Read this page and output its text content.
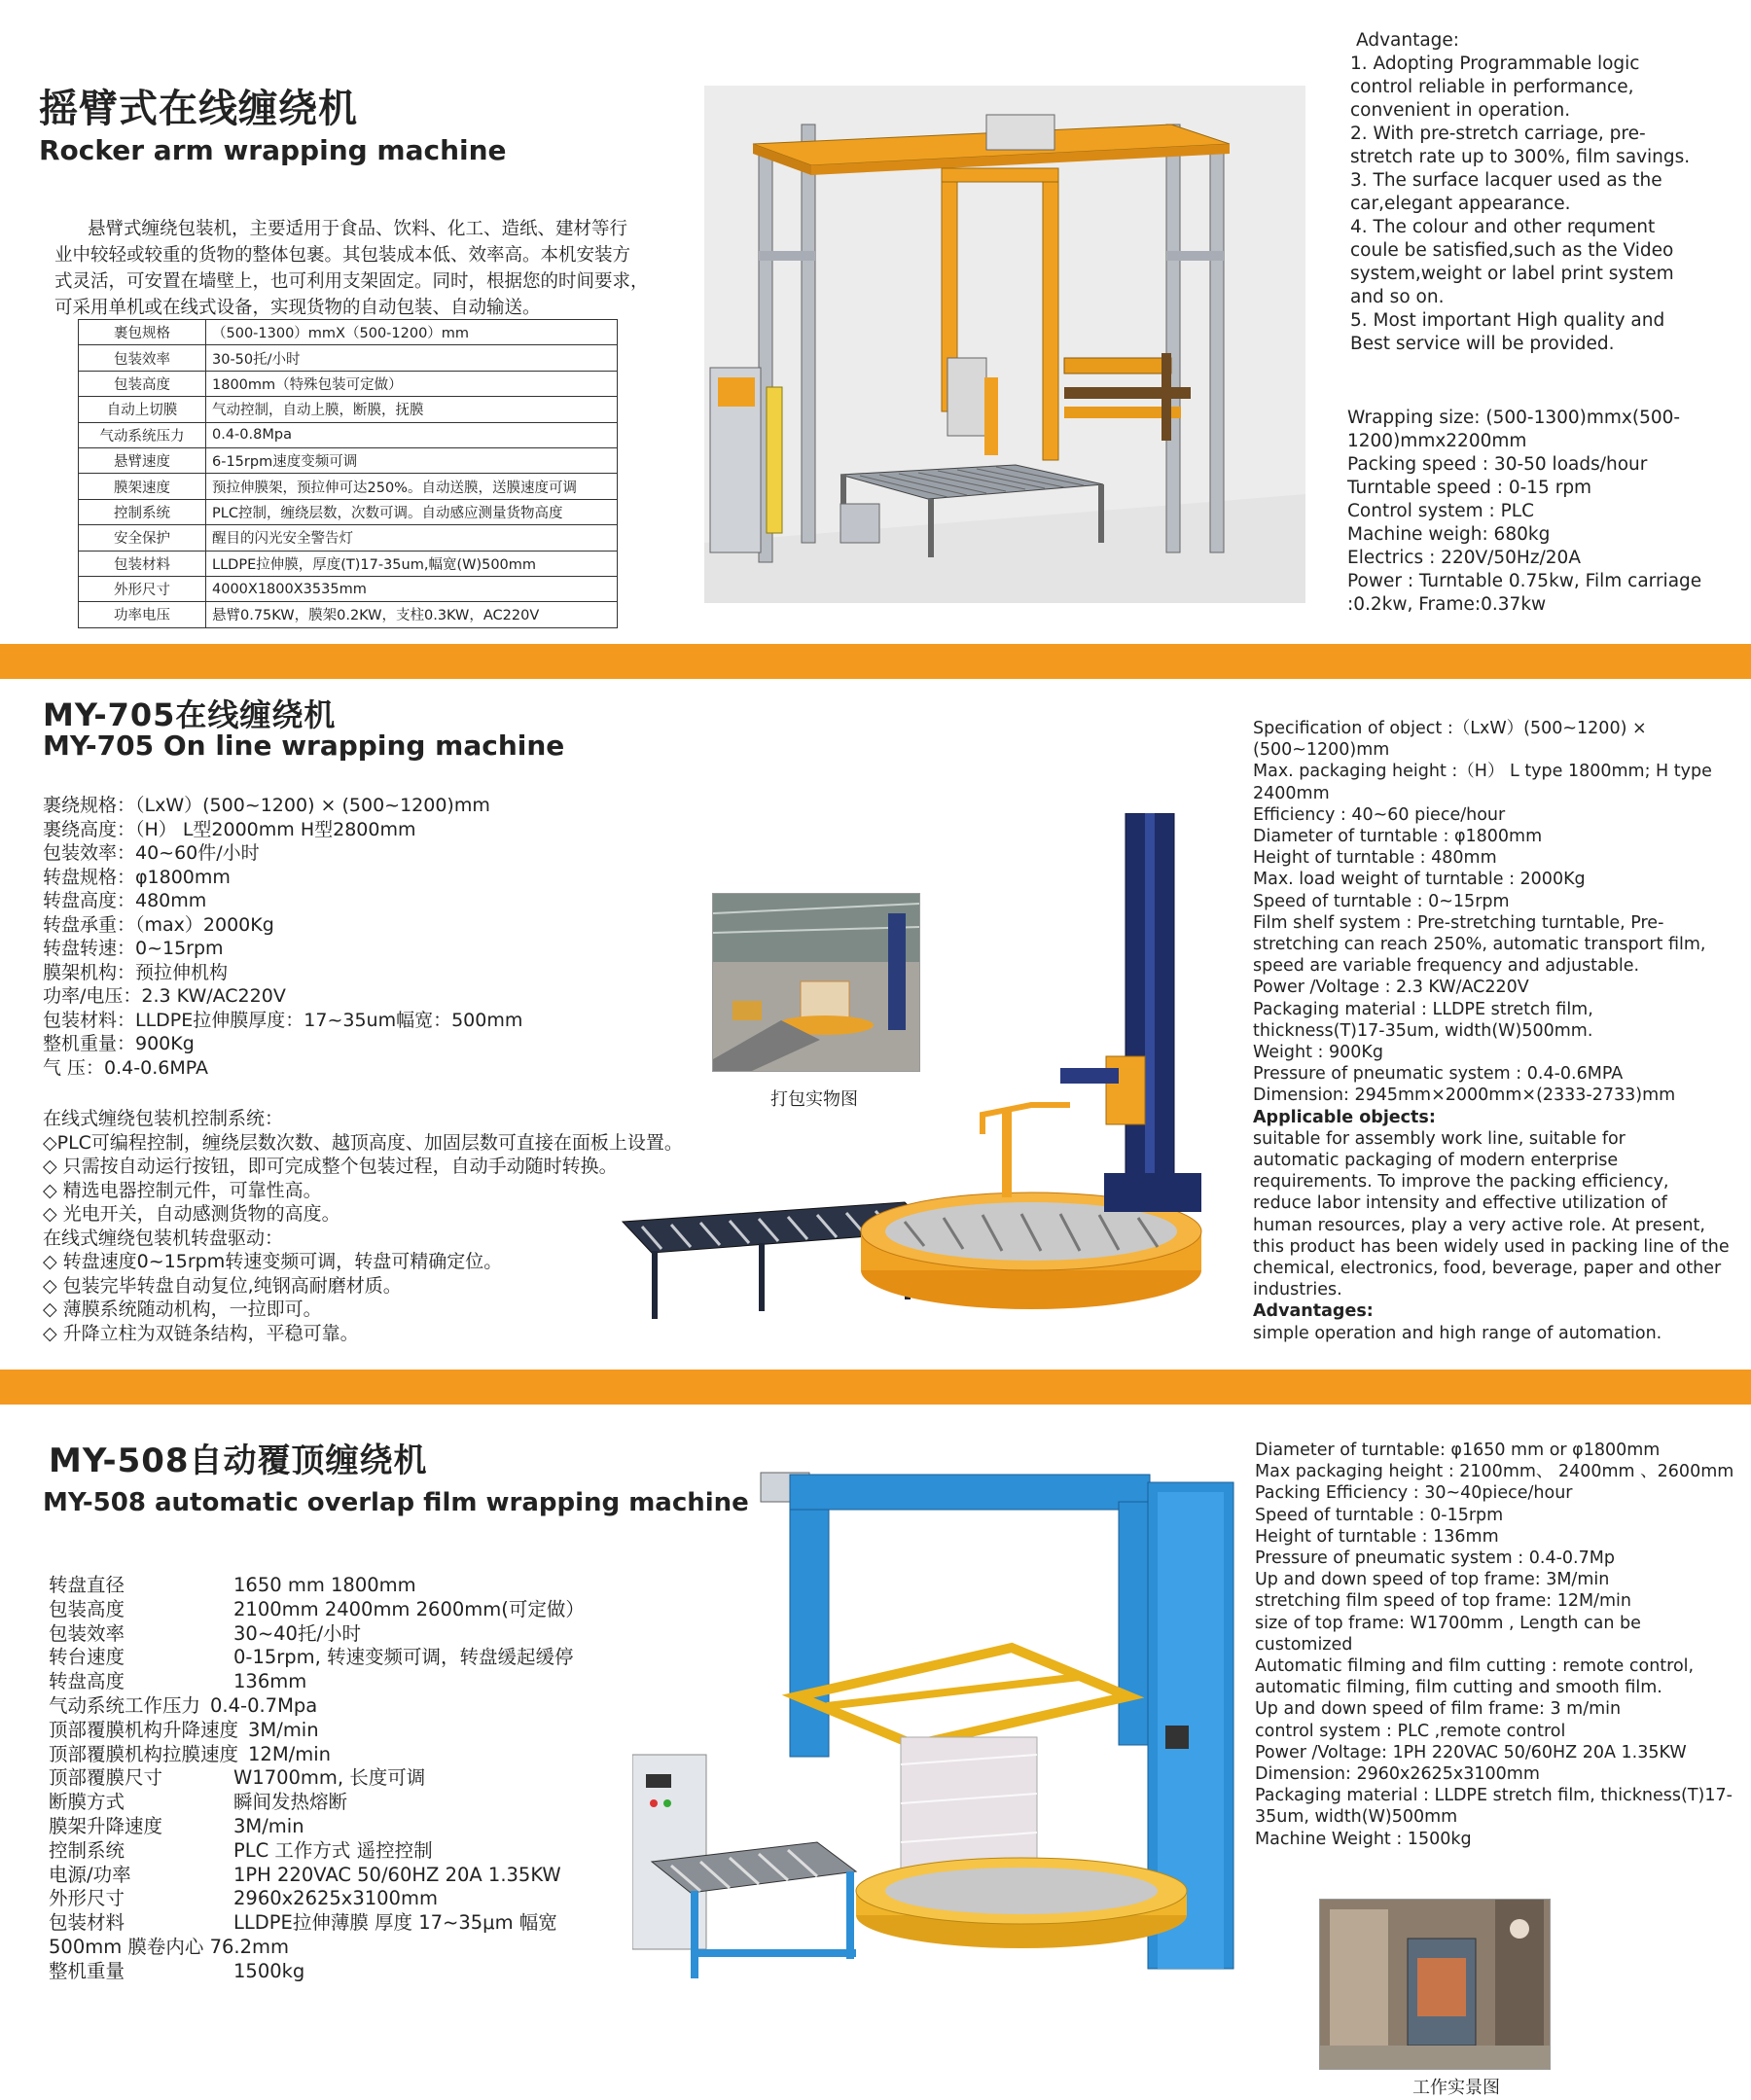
摇臂式在线缠绕机
Rocker arm wrapping machine
悬臂式缠绕包装机，主要适用于食品、饮料、化工、造纸、建材等行
业中较轻或较重的货物的整体包裹。其包装成本低、效率高。本机安装方
式灵活，可安置在墙壁上，也可利用支架固定。同时，根据您的时间要求，
可采用单机或在线式设备，实现货物的自动包装、自动输送。
裹包规格	（500-1300）mmX（500-1200）mm
包装效率	30-50托/小时
包装高度	1800mm（特殊包装可定做）
自动上切膜	气动控制，自动上膜，断膜，抚膜
气动系统压力	0.4-0.8Mpa
悬臂速度	6-15rpm速度变频可调
膜架速度	预拉伸膜架，预拉伸可达250%。自动送膜，送膜速度可调
控制系统	PLC控制，缠绕层数，次数可调。自动感应测量货物高度
安全保护	醒目的闪光安全警告灯
包装材料	LLDPE拉伸膜，厚度(T)17-35um,幅宽(W)500mm
外形尺寸	4000X1800X3535mm
功率电压	悬臂0.75KW，膜架0.2KW，支柱0.3KW，AC220V
Advantage:
1. Adopting Programmable logic
control reliable in performance,
convenient in operation.
2. With pre-stretch carriage, pre-
stretch rate up to 300%, film savings.
3. The surface lacquer used as the
car,elegant appearance.
4. The colour and other requment
coule be satisfied,such as the Video
system,weight or label print system
and so on.
5. Most important High quality and
Best service will be provided.
Wrapping size: (500-1300)mmx(500-
1200)mmx2200mm
Packing speed : 30-50 loads/hour
Turntable speed : 0-15 rpm
Control system : PLC
Machine weigh: 680kg
Electrics : 220V/50Hz/20A
Power : Turntable 0.75kw, Film carriage
:0.2kw, Frame:0.37kw
MY-705在线缠绕机
MY-705 On line wrapping machine
裹绕规格：（LxW）(500~1200) × (500~1200)mm
裹绕高度：（H） L型2000mm H型2800mm
包装效率：40~60件/小时
转盘规格：φ1800mm
转盘高度：480mm
转盘承重：（max）2000Kg
转盘转速：0~15rpm
膜架机构：预拉伸机构
功率/电压：2.3 KW/AC220V
包装材料：LLDPE拉伸膜厚度：17~35um幅宽：500mm
整机重量：900Kg
气 压：0.4-0.6MPA
在线式缠绕包装机控制系统：
◇PLC可编程控制，缠绕层数次数、越顶高度、加固层数可直接在面板上设置。
◇ 只需按自动运行按钮，即可完成整个包装过程，自动手动随时转换。
◇ 精选电器控制元件，可靠性高。
◇ 光电开关，自动感测货物的高度。
在线式缠绕包装机转盘驱动：
◇ 转盘速度0~15rpm转速变频可调，转盘可精确定位。
◇ 包装完毕转盘自动复位,纯钢高耐磨材质。
◇ 薄膜系统随动机构，一拉即可。
◇ 升降立柱为双链条结构，平稳可靠。
打包实物图
Specification of object :（LxW）(500~1200) ×
(500~1200)mm
Max. packaging height :（H） L type 1800mm; H type
2400mm
Efficiency : 40~60 piece/hour
Diameter of turntable : φ1800mm
Height of turntable : 480mm
Max. load weight of turntable : 2000Kg
Speed of turntable : 0~15rpm
Film shelf system : Pre-stretching turntable, Pre-
stretching can reach 250%, automatic transport film,
speed are variable frequency and adjustable.
Power /Voltage : 2.3 KW/AC220V
Packaging material : LLDPE stretch film,
thickness(T)17-35um, width(W)500mm.
Weight : 900Kg
Pressure of pneumatic system : 0.4-0.6MPA
Dimension: 2945mm×2000mm×(2333-2733)mm
Applicable objects:
suitable for assembly work line, suitable for
automatic packaging of modern enterprise
requirements. To improve the packing efficiency,
reduce labor intensity and effective utilization of
human resources, play a very active role. At present,
this product has been widely used in packing line of the
chemical, electronics, food, beverage, paper and other
industries.
Advantages:
simple operation and high range of automation.
MY-508自动覆顶缠绕机
MY-508 automatic overlap film wrapping machine
转盘直径	1650 mm 1800mm
包装高度	2100mm 2400mm 2600mm(可定做）
包装效率	30~40托/小时
转台速度	0-15rpm, 转速变频可调，转盘缓起缓停
转盘高度	136mm
气动系统工作压力 0.4-0.7Mpa
顶部覆膜机构升降速度 3M/min
顶部覆膜机构拉膜速度 12M/min
顶部覆膜尺寸	W1700mm, 长度可调
断膜方式	瞬间发热熔断
膜架升降速度	3M/min
控制系统	PLC 工作方式 遥控控制
电源/功率	1PH 220VAC 50/60HZ 20A 1.35KW
外形尺寸	2960x2625x3100mm
包装材料	LLDPE拉伸薄膜 厚度 17~35μm 幅宽
500mm 膜卷内心 76.2mm
整机重量	1500kg
Diameter of turntable: φ1650 mm or φ1800mm
Max packaging height : 2100mm、 2400mm 、2600mm
Packing Efficiency : 30~40piece/hour
Speed of turntable : 0-15rpm
Height of turntable : 136mm
Pressure of pneumatic system : 0.4-0.7Mp
Up and down speed of top frame: 3M/min
stretching film speed of top frame: 12M/min
size of top frame: W1700mm , Length can be
customized
Automatic filming and film cutting : remote control,
automatic filming, film cutting and smooth film.
Up and down speed of film frame: 3 m/min
control system : PLC ,remote control
Power /Voltage: 1PH 220VAC 50/60HZ 20A 1.35KW
Dimension: 2960x2625x3100mm
Packaging material : LLDPE stretch film, thickness(T)17-
35um, width(W)500mm
Machine Weight : 1500kg
工作实景图
